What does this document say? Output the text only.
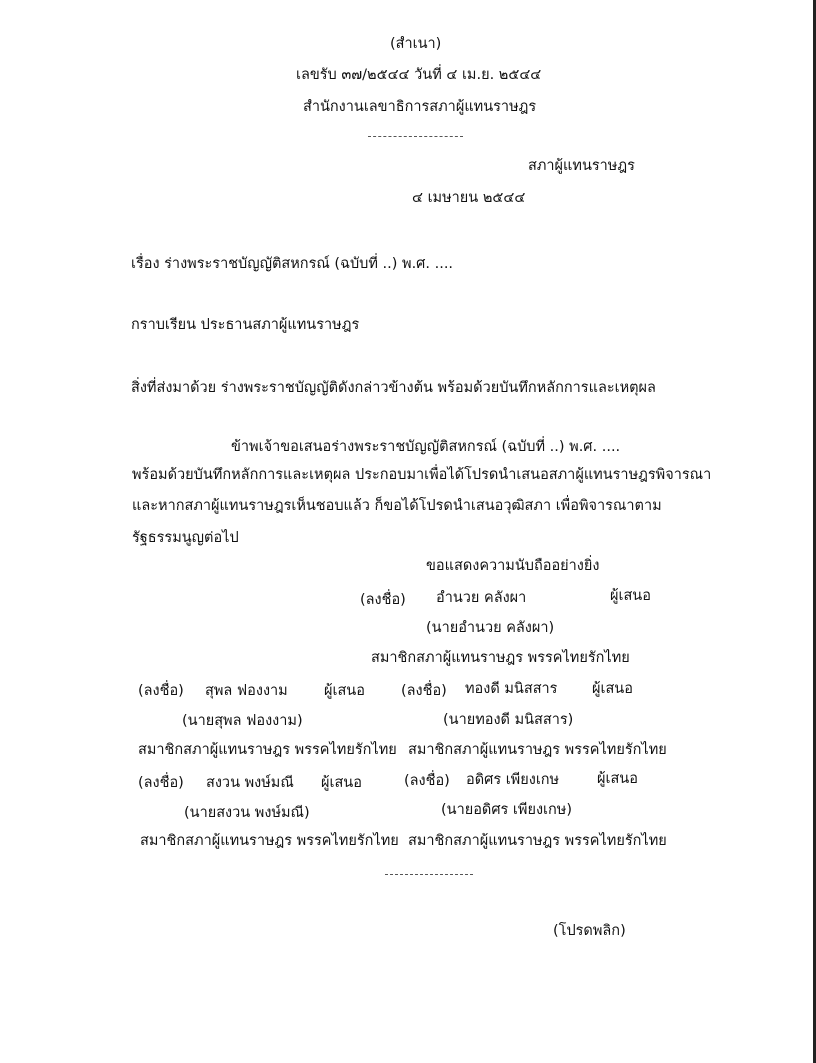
(สำเนา)
เลขรับ ๓๗/๒๕๔๔ วันที่ ๔ เม.ย. ๒๕๔๔
สำนักงานเลขาธิการสภาผู้แทนราษฎร
สภาผู้แทนราษฎร
๔ เมษายน ๒๕๔๔
เรื่อง ร่างพระราชบัญญัติสหกรณ์ (ฉบับที่ ..) พ.ศ. ....
กราบเรียน ประธานสภาผู้แทนราษฎร
สิ่งที่ส่งมาด้วย ร่างพระราชบัญญัติดังกล่าวข้างต้น พร้อมด้วยบันทึกหลักการและเหตุผล
ข้าพเจ้าขอเสนอร่างพระราชบัญญัติสหกรณ์ (ฉบับที่ ..) พ.ศ. ....
พร้อมด้วยบันทึกหลักการและเหตุผล ประกอบมาเพื่อได้โปรดนำเสนอสภาผู้แทนราษฎรพิจารณา
และหากสภาผู้แทนราษฎรเห็นชอบแล้ว ก็ขอได้โปรดนำเสนอวุฒิสภา เพื่อพิจารณาตาม
รัฐธรรมนูญต่อไป
ขอแสดงความนับถืออย่างยิ่ง
(ลงชื่อ) อำนวย คลังผา	ผู้เสนอ
(นายอำนวย คลังผา)
สมาชิกสภาผู้แทนราษฎร พรรคไทยรักไทย
(ลงชื่อ) สุพล ฟองงาม	ผู้เสนอ (ลงชื่อ) ทองดี มนิสสาร ผู้เสนอ
(นายสุพล ฟองงาม)	(นายทองดี มนิสสาร)
สมาชิกสภาผู้แทนราษฎร พรรคไทยรักไทย สมาชิกสภาผู้แทนราษฎร พรรคไทยรักไทย
(ลงชื่อ) สงวน พงษ์มณี ผู้เสนอ	(ลงชื่อ) อดิศร เพียงเกษ	ผู้เสนอ
(นายสงวน พงษ์มณี)	(นายอดิศร เพียงเกษ)
สมาชิกสภาผู้แทนราษฎร พรรคไทยรักไทย สมาชิกสภาผู้แทนราษฎร พรรคไทยรักไทย
(โปรดพลิก)
